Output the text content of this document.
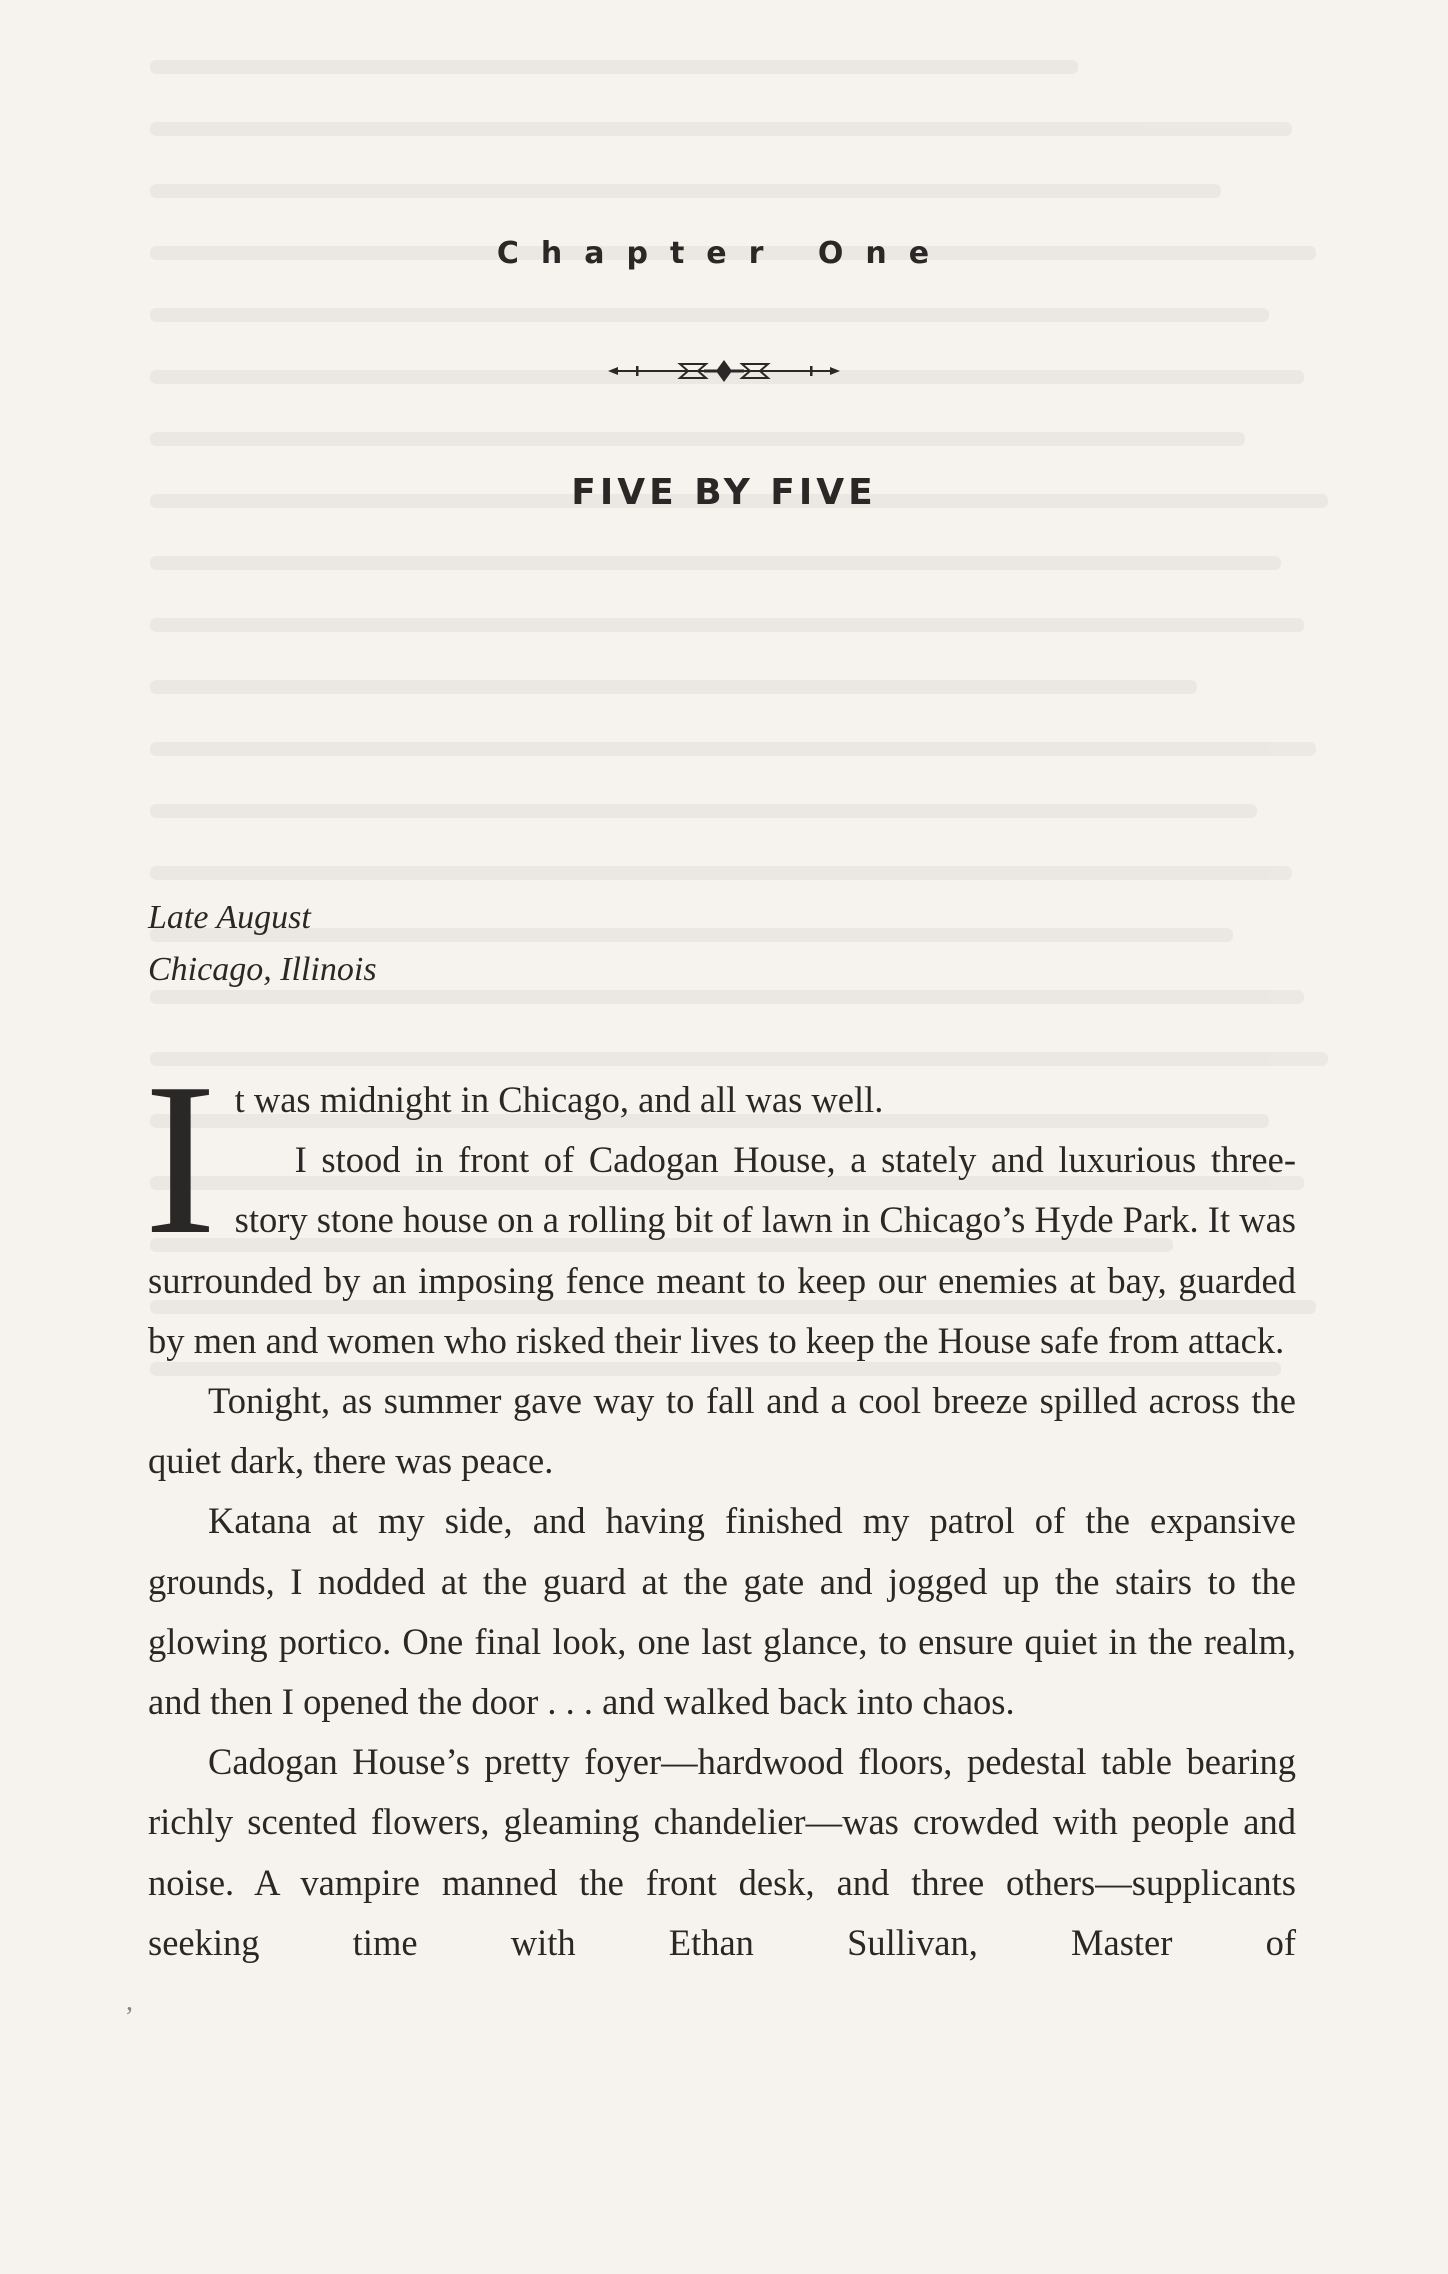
Chapter One
FIVE BY FIVE
Late August
Chicago, Illinois
I t was midnight in Chicago, and all was well.

I stood in front of Cadogan House, a stately and luxurious three-story stone house on a rolling bit of lawn in Chicago’s Hyde Park. It was surrounded by an imposing fence meant to keep our enemies at bay, guarded by men and women who risked their lives to keep the House safe from attack.

Tonight, as summer gave way to fall and a cool breeze spilled across the quiet dark, there was peace.

Katana at my side, and having finished my patrol of the expansive grounds, I nodded at the guard at the gate and jogged up the stairs to the glowing portico. One final look, one last glance, to ensure quiet in the realm, and then I opened the door . . . and walked back into chaos.

Cadogan House’s pretty foyer—hardwood floors, pedestal table bearing richly scented flowers, gleaming chandelier—was crowded with people and noise. A vampire manned the front desk, and three others—supplicants seeking time with Ethan Sullivan, Master of

,
